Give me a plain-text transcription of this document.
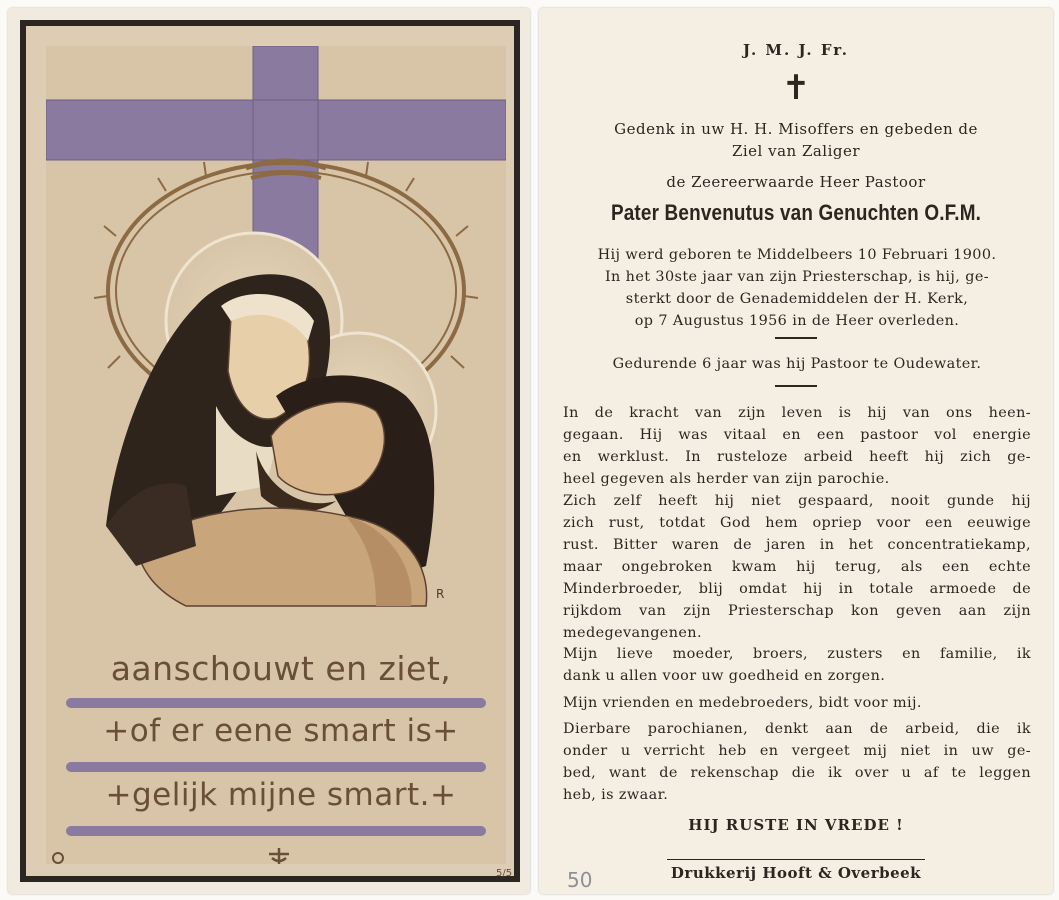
R
aanschouwt en ziet,
+of er eene smart is+
+gelijk mijne smart.+
5/5
J. M. J. Fr.
✝
Gedenk in uw H. H. Misoffers en gebeden de
Ziel van Zaliger
de Zeereerwaarde Heer Pastoor
Pater Benvenutus van Genuchten O.F.M.
Hij werd geboren te Middelbeers 10 Februari 1900.
In het 30ste jaar van zijn Priesterschap, is hij, ge-
sterkt door de Genademiddelen der H. Kerk,
op 7 Augustus 1956 in de Heer overleden.
Gedurende 6 jaar was hij Pastoor te Oudewater.
In de kracht van zijn leven is hij van ons heen-
gegaan. Hij was vitaal en een pastoor vol energie
en werklust. In rusteloze arbeid heeft hij zich ge-
heel gegeven als herder van zijn parochie.
Zich zelf heeft hij niet gespaard, nooit gunde hij
zich rust, totdat God hem opriep voor een eeuwige
rust. Bitter waren de jaren in het concentratiekamp,
maar ongebroken kwam hij terug, als een echte
Minderbroeder, blij omdat hij in totale armoede de
rijkdom van zijn Priesterschap kon geven aan zijn
medegevangenen.
Mijn lieve moeder, broers, zusters en familie, ik
dank u allen voor uw goedheid en zorgen.
Mijn vrienden en medebroeders, bidt voor mij.
Dierbare parochianen, denkt aan de arbeid, die ik
onder u verricht heb en vergeet mij niet in uw ge-
bed, want de rekenschap die ik over u af te leggen
heb, is zwaar.
HIJ RUSTE IN VREDE !
Drukkerij Hooft & Overbeek
50
